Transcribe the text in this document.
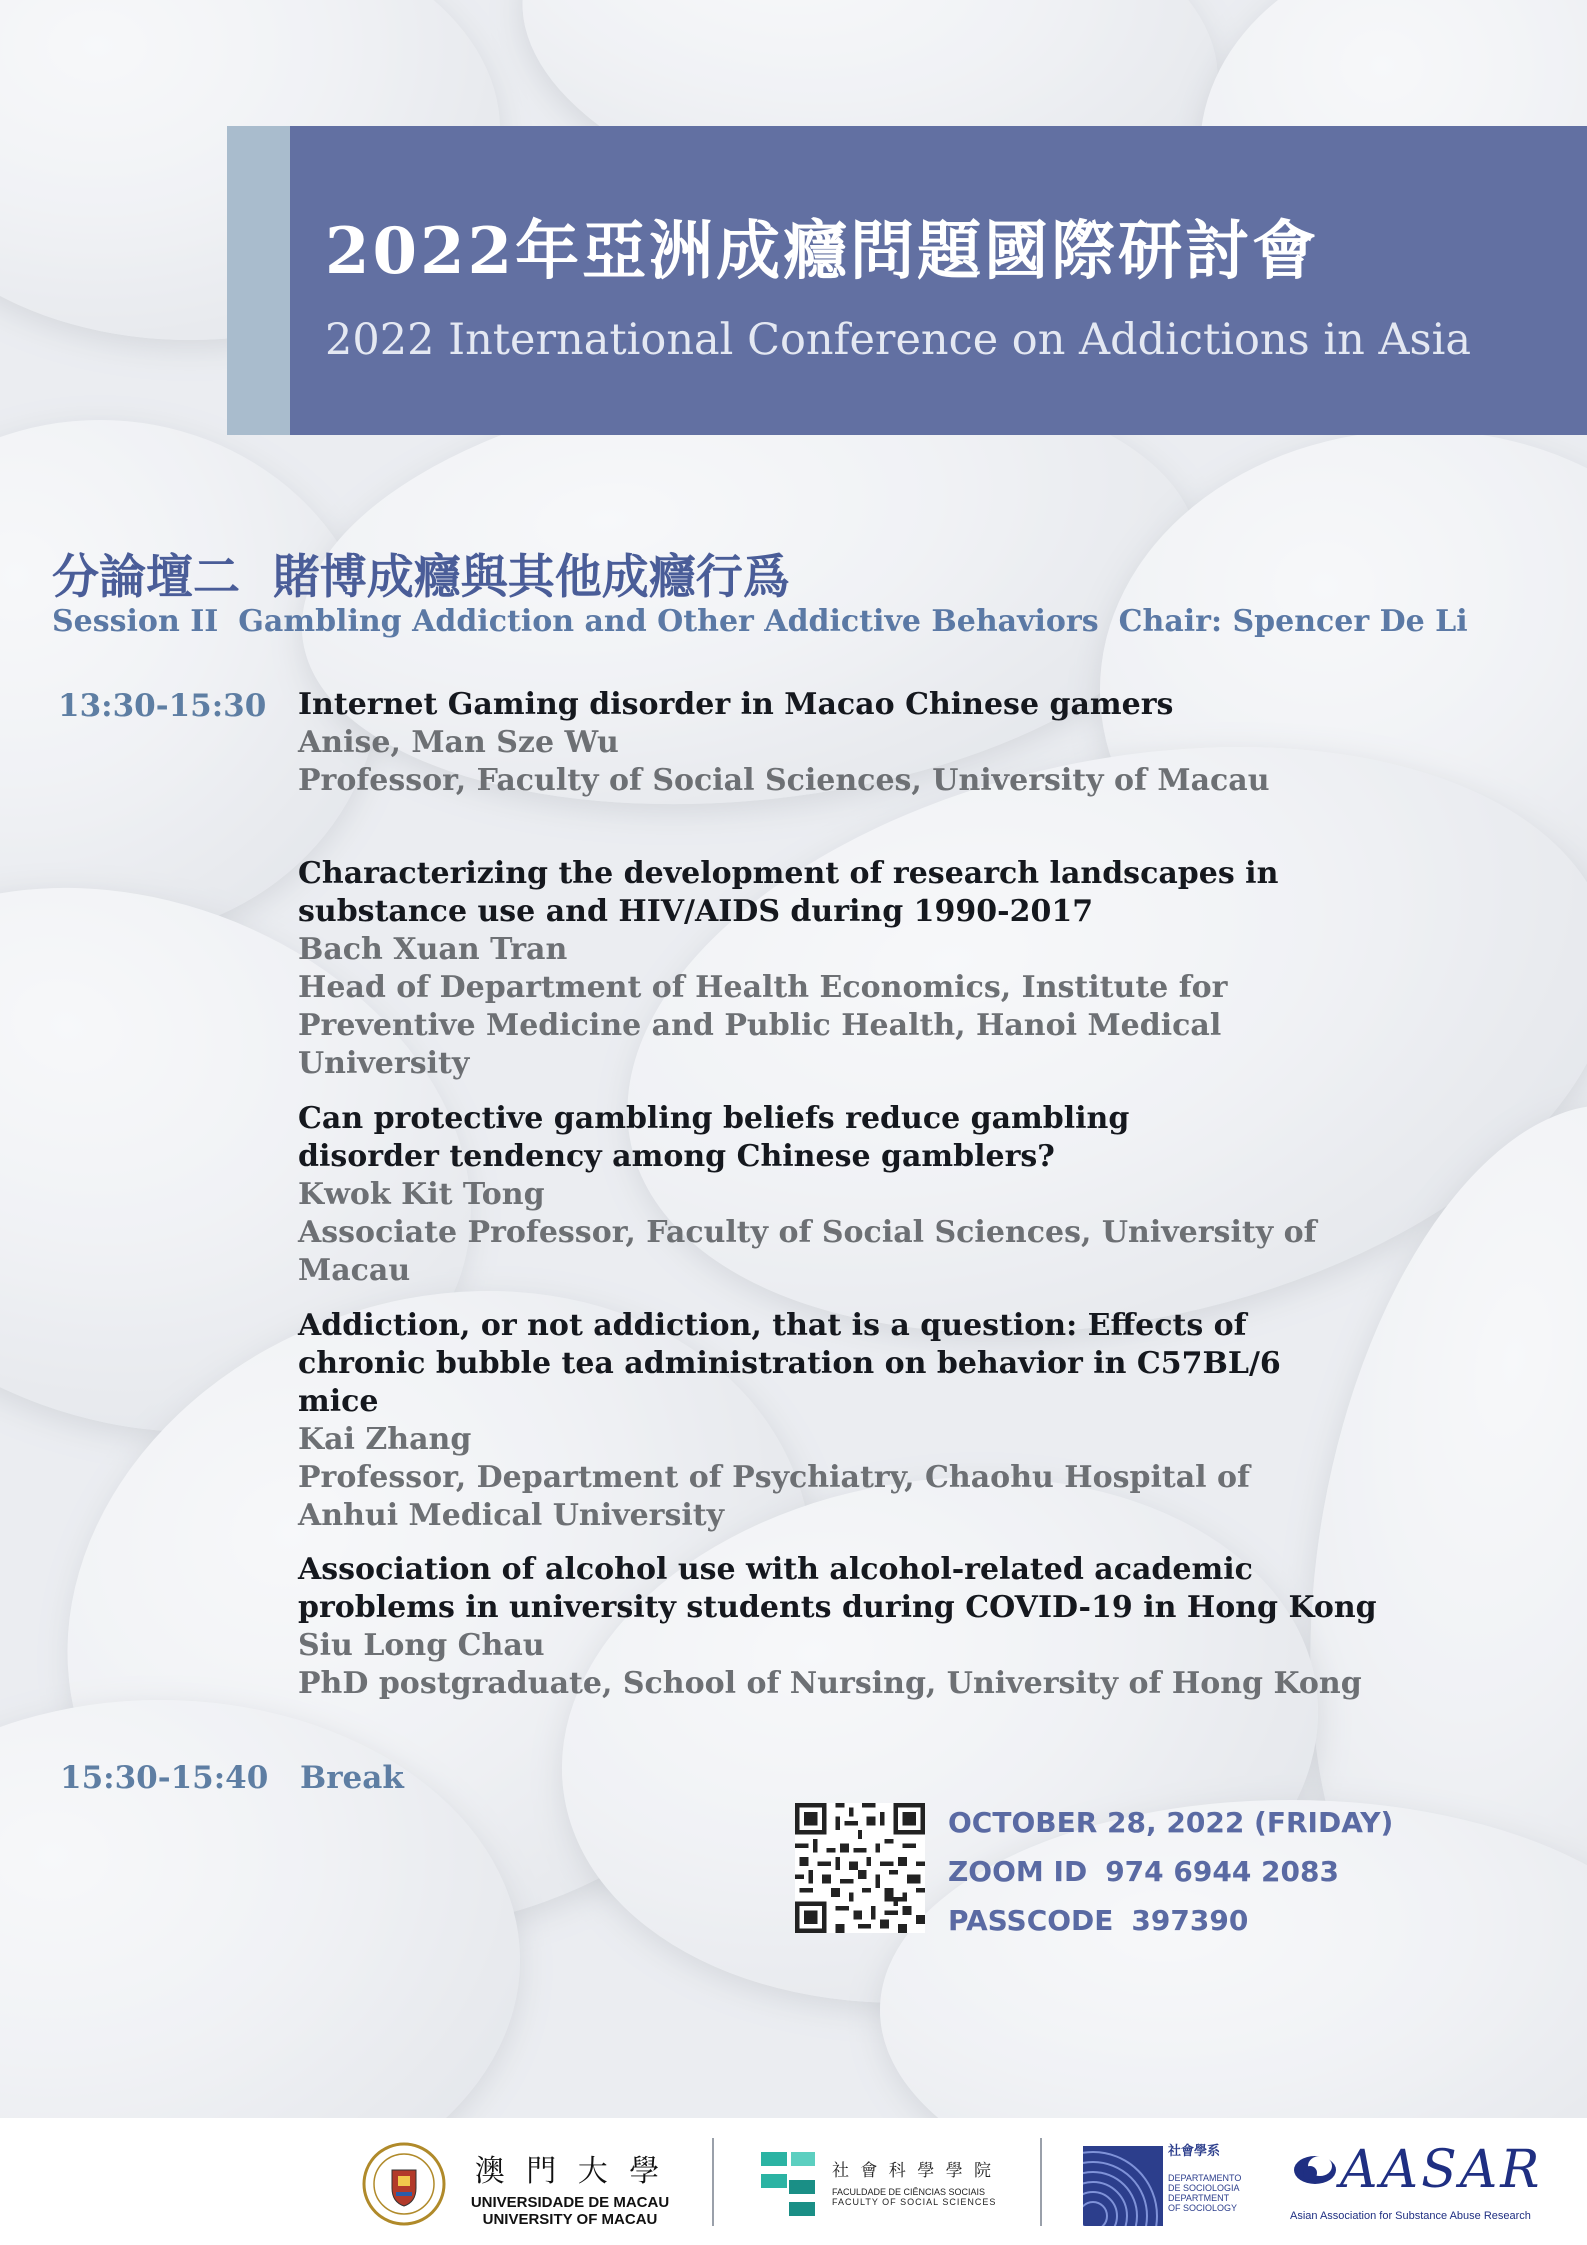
2022年亞洲成癮問題國際研討會
2022 International Conference on Addictions in Asia
分論壇二  賭博成癮與其他成癮行爲
Session II Gambling Addiction and Other Addictive Behaviors Chair: Spencer De Li
13:30-15:30 Internet Gaming disorder in Macao Chinese gamers

Anise, Man Sze Wu

Professor, Faculty of Social Sciences, University of Macau

Characterizing the development of research landscapes in substance use and HIV/AIDS during 1990-2017

Bach Xuan Tran

Head of Department of Health Economics, Institute for Preventive Medicine and Public Health, Hanoi Medical University

Can protective gambling beliefs reduce gambling disorder tendency among Chinese gamblers?

Kwok Kit Tong

Associate Professor, Faculty of Social Sciences, University of Macau

Addiction, or not addiction, that is a question: Effects of chronic bubble tea administration on behavior in C57BL/6 mice

Kai Zhang

Professor, Department of Psychiatry, Chaohu Hospital of Anhui Medical University

Association of alcohol use with alcohol-related academic problems in university students during COVID-19 in Hong Kong

Siu Long Chau

PhD postgraduate, School of Nursing, University of Hong Kong

15:30-15:40 Break

OCTOBER 28, 2022 (FRIDAY)

ZOOM ID 974 6944 2083

PASSCODE 397390

澳 門 大 學
UNIVERSIDADE DE MACAU
UNIVERSITY OF MACAU
社 會 科 學 學 院
FACULDADE DE CIÊNCIAS SOCIAIS
FACULTY OF SOCIAL SCIENCES
社會學系
DEPARTAMENTO
DE SOCIOLOGIA
DEPARTMENT
OF SOCIOLOGY
AASAR
Asian Association for Substance Abuse Research
